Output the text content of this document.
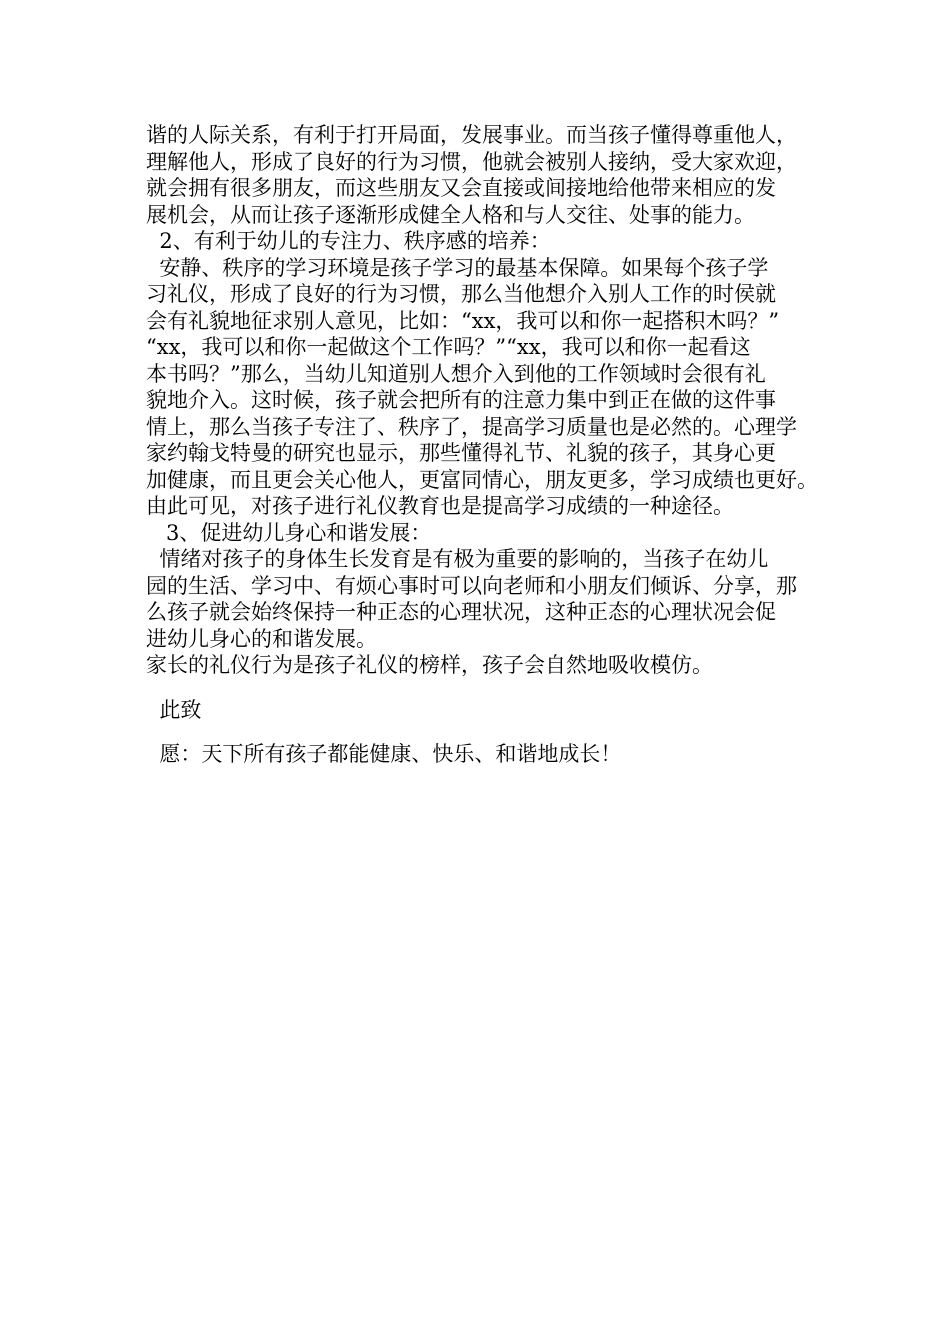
谐的人际关系，有利于打开局面，发展事业。而当孩子懂得尊重他人，
理解他人，形成了良好的行为习惯，他就会被别人接纳，受大家欢迎，
就会拥有很多朋友，而这些朋友又会直接或间接地给他带来相应的发
展机会，从而让孩子逐渐形成健全人格和与人交往、处事的能力。
2、有利于幼儿的专注力、秩序感的培养：
安静、秩序的学习环境是孩子学习的最基本保障。如果每个孩子学
习礼仪，形成了良好的行为习惯，那么当他想介入别人工作的时侯就
会有礼貌地征求别人意见，比如：“xx，我可以和你一起搭积木吗？”
“xx，我可以和你一起做这个工作吗？”“xx，我可以和你一起看这
本书吗？”那么，当幼儿知道别人想介入到他的工作领域时会很有礼
貌地介入。这时候，孩子就会把所有的注意力集中到正在做的这件事
情上，那么当孩子专注了、秩序了，提高学习质量也是必然的。心理学
家约翰戈特曼的研究也显示，那些懂得礼节、礼貌的孩子，其身心更
加健康，而且更会关心他人，更富同情心，朋友更多，学习成绩也更好。
由此可见，对孩子进行礼仪教育也是提高学习成绩的一种途径。
3、促进幼儿身心和谐发展：
情绪对孩子的身体生长发育是有极为重要的影响的，当孩子在幼儿
园的生活、学习中、有烦心事时可以向老师和小朋友们倾诉、分享，那
么孩子就会始终保持一种正态的心理状况，这种正态的心理状况会促
进幼儿身心的和谐发展。
家长的礼仪行为是孩子礼仪的榜样，孩子会自然地吸收模仿。
此致
愿：天下所有孩子都能健康、快乐、和谐地成长！
